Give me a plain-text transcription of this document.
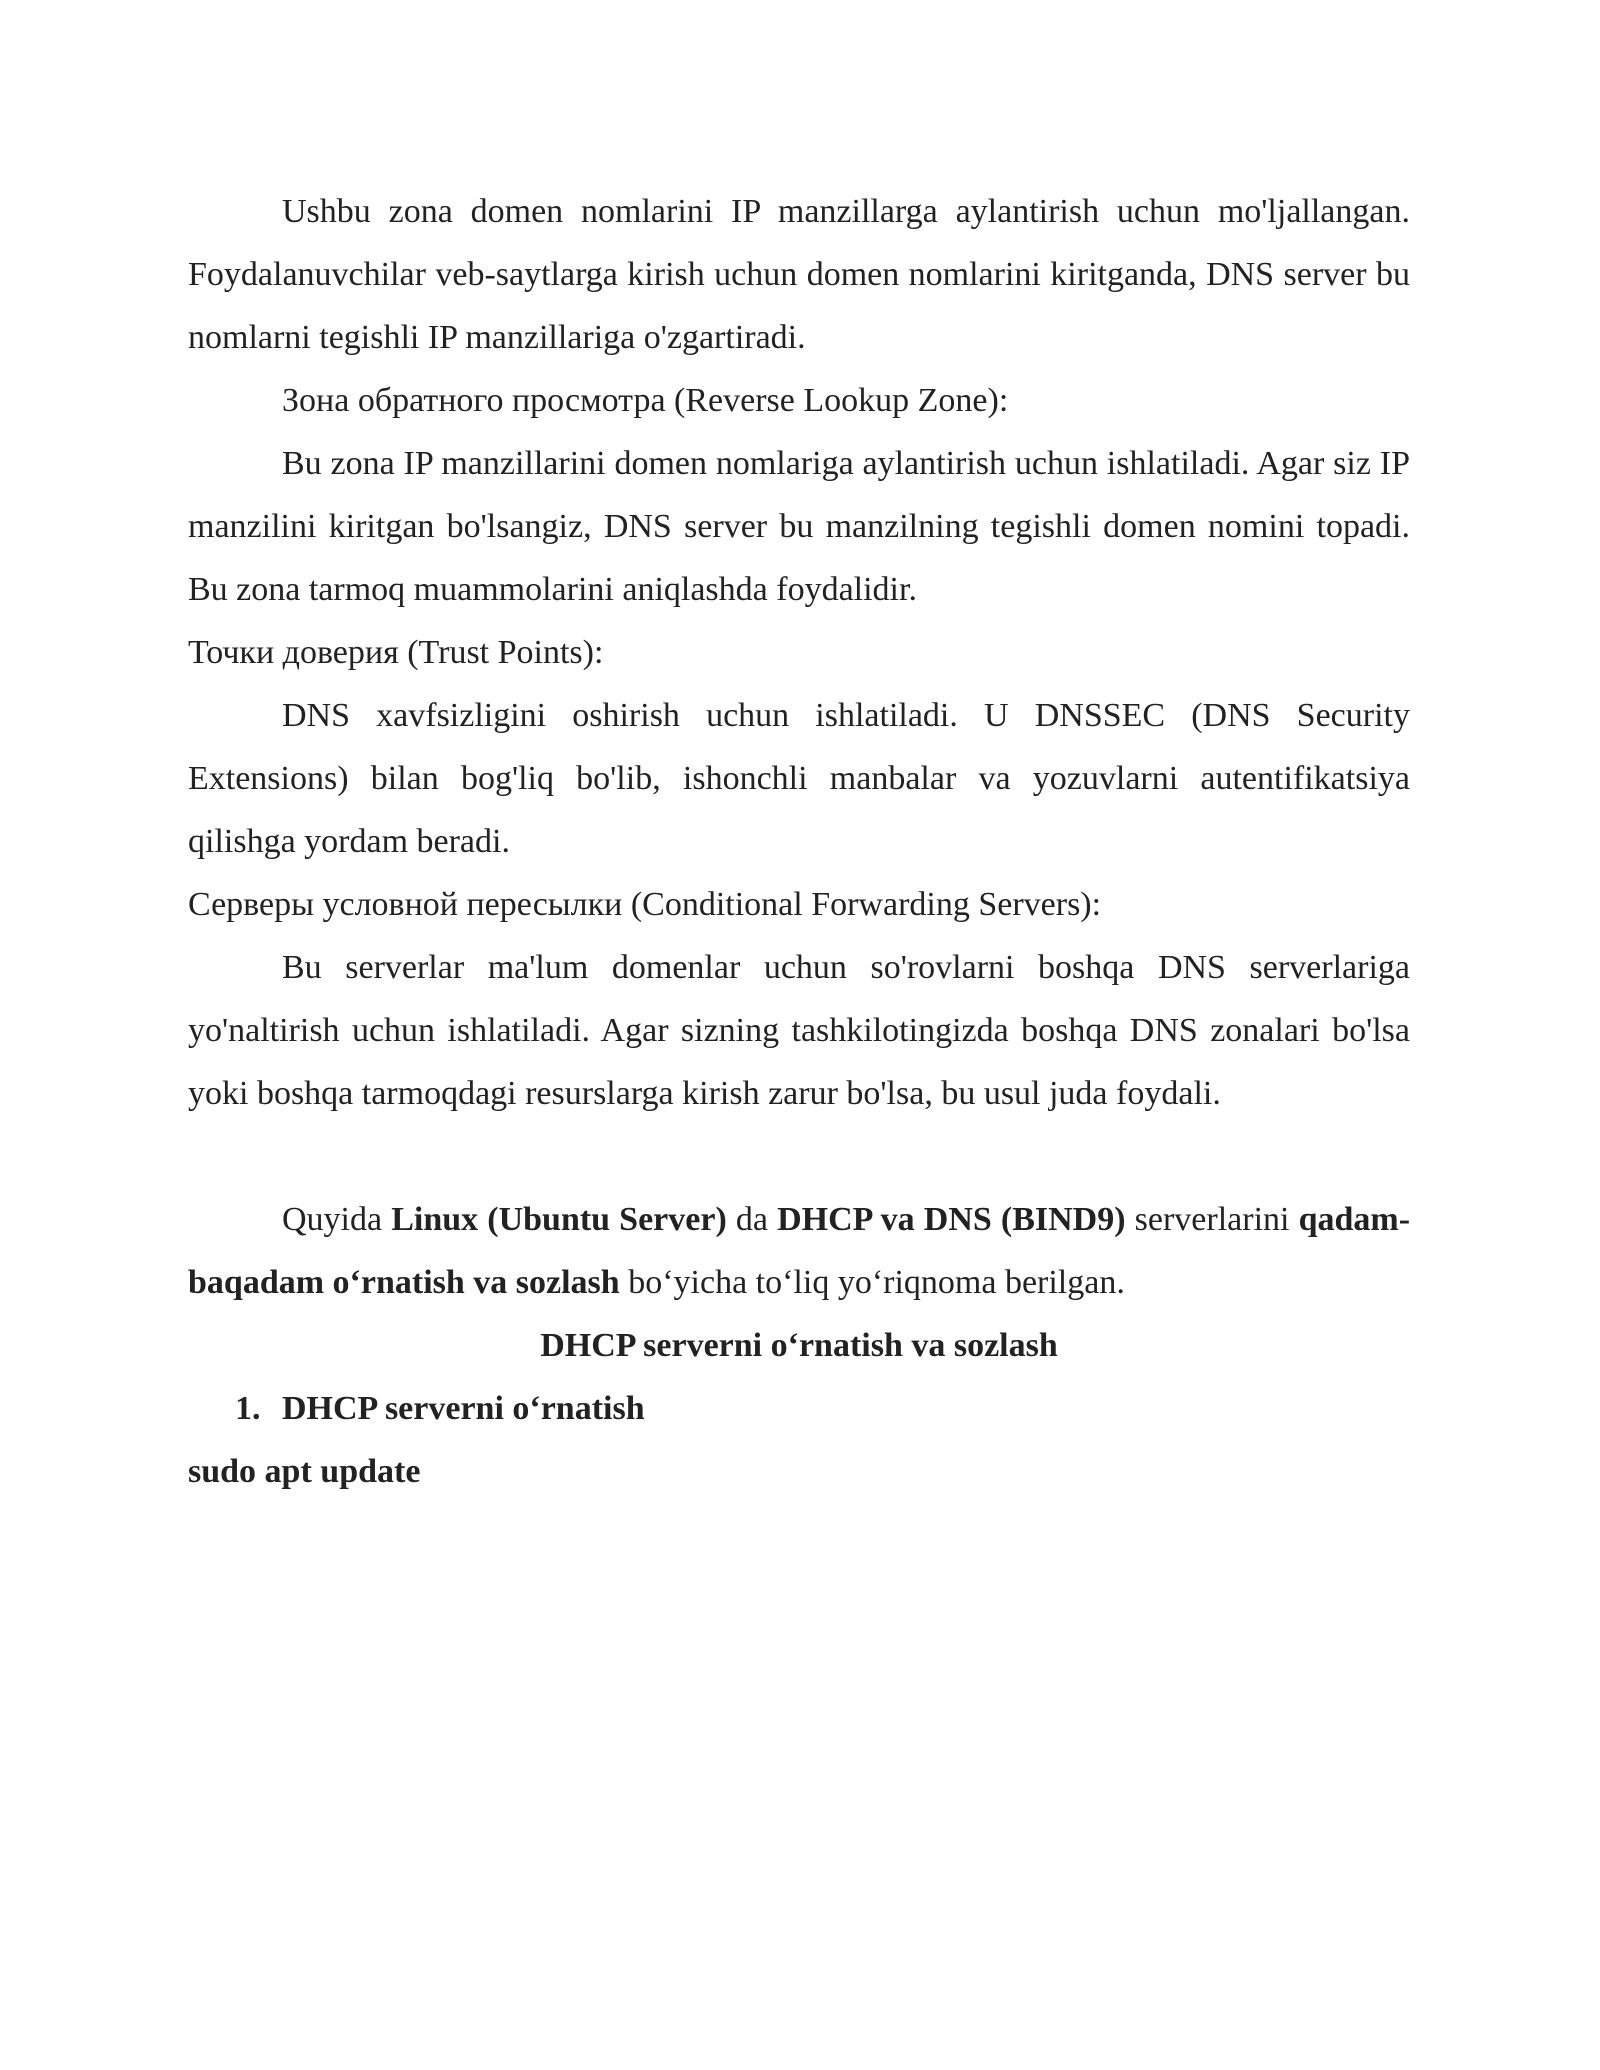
Ushbu zona domen nomlarini IP manzillarga aylantirish uchun mo'ljallangan. Foydalanuvchilar veb-saytlarga kirish uchun domen nomlarini kiritganda, DNS server bu nomlarni tegishli IP manzillariga o'zgartiradi.

Зона обратного просмотра (Reverse Lookup Zone):

Bu zona IP manzillarini domen nomlariga aylantirish uchun ishlatiladi. Agar siz IP manzilini kiritgan bo'lsangiz, DNS server bu manzilning tegishli domen nomini topadi. Bu zona tarmoq muammolarini aniqlashda foydalidir.

Точки доверия (Trust Points):

DNS xavfsizligini oshirish uchun ishlatiladi. U DNSSEC (DNS Security Extensions) bilan bog'liq bo'lib, ishonchli manbalar va yozuvlarni autentifikatsiya qilishga yordam beradi.

Серверы условной пересылки (Conditional Forwarding Servers):

Bu serverlar ma'lum domenlar uchun so'rovlarni boshqa DNS serverlariga yo'naltirish uchun ishlatiladi. Agar sizning tashkilotingizda boshqa DNS zonalari bo'lsa yoki boshqa tarmoqdagi resurslarga kirish zarur bo'lsa, bu usul juda foydali.

Quyida Linux (Ubuntu Server) da DHCP va DNS (BIND9) serverlarini qadam-baqadam o‘rnatish va sozlash bo‘yicha to‘liq yo‘riqnoma berilgan.

DHCP serverni o‘rnatish va sozlash

1. DHCP serverni o‘rnatish

sudo apt update
